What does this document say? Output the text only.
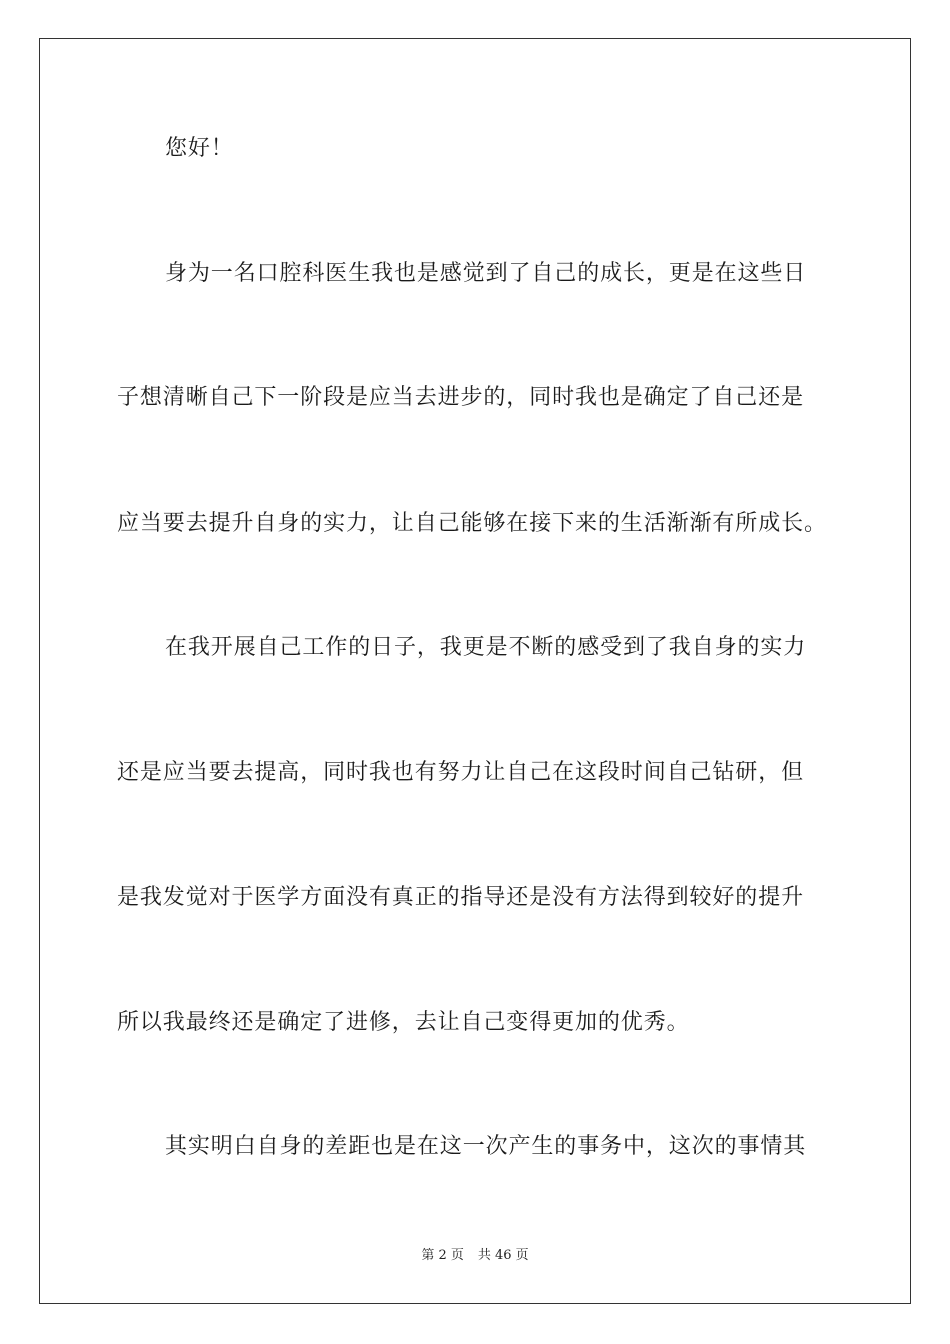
您好！
身为一名口腔科医生我也是感觉到了自己的成长，更是在这些日
子想清晰自己下一阶段是应当去进步的，同时我也是确定了自己还是
应当要去提升自身的实力，让自己能够在接下来的生活渐渐有所成长。
在我开展自己工作的日子，我更是不断的感受到了我自身的实力
还是应当要去提高，同时我也有努力让自己在这段时间自己钻研，但
是我发觉对于医学方面没有真正的指导还是没有方法得到较好的提升
所以我最终还是确定了进修，去让自己变得更加的优秀。
其实明白自身的差距也是在这一次产生的事务中，这次的事情其
第 2 页 共 46 页
